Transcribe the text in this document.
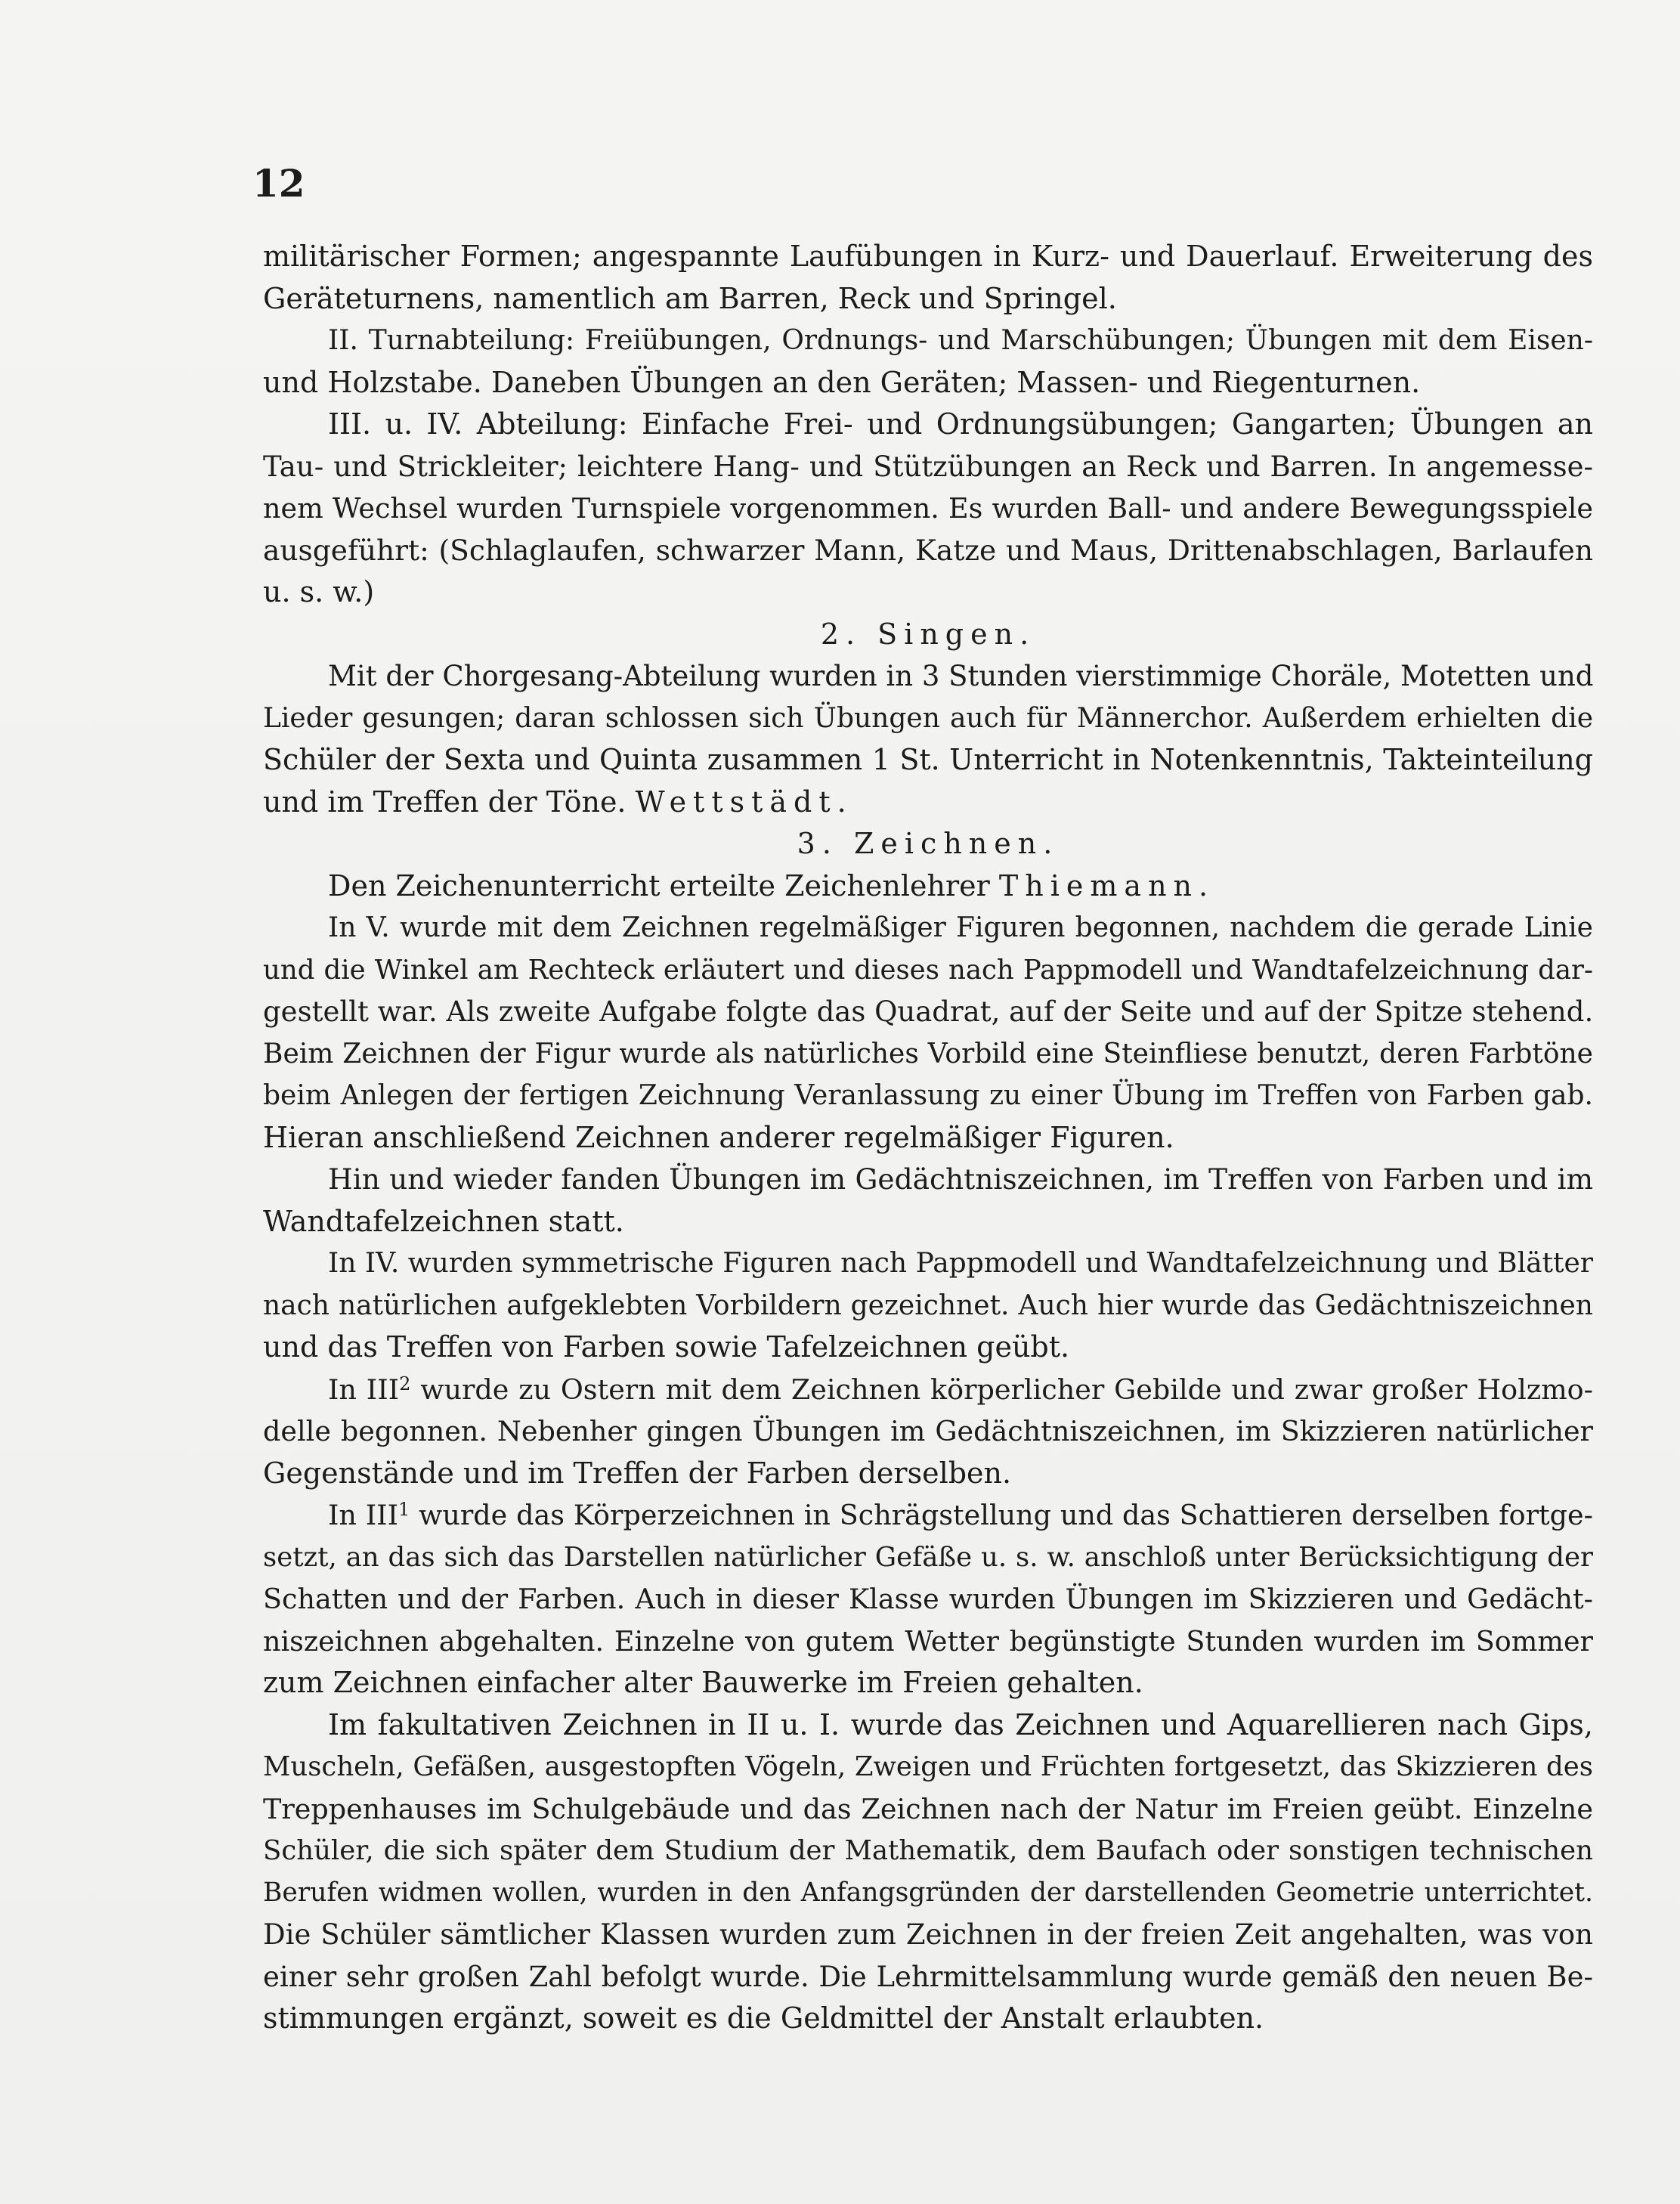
12
militärischer Formen; angespannte Laufübungen in Kurz- und Dauerlauf. Erweiterung des
Geräteturnens, namentlich am Barren, Reck und Springel.
II. Turnabteilung: Freiübungen, Ordnungs- und Marschübungen; Übungen mit dem Eisen-
und Holzstabe. Daneben Übungen an den Geräten; Massen- und Riegenturnen.
III. u. IV. Abteilung: Einfache Frei- und Ordnungsübungen; Gangarten; Übungen an
Tau- und Strickleiter; leichtere Hang- und Stützübungen an Reck und Barren. In angemesse-
nem Wechsel wurden Turnspiele vorgenommen. Es wurden Ball- und andere Bewegungsspiele
ausgeführt: (Schlaglaufen, schwarzer Mann, Katze und Maus, Drittenabschlagen, Barlaufen
u. s. w.)
2. Singen.
Mit der Chorgesang-Abteilung wurden in 3 Stunden vierstimmige Choräle, Motetten und
Lieder gesungen; daran schlossen sich Übungen auch für Männerchor. Außerdem erhielten die
Schüler der Sexta und Quinta zusammen 1 St. Unterricht in Notenkenntnis, Takteinteilung
und im Treffen der Töne. Wettstädt.
3. Zeichnen.
Den Zeichenunterricht erteilte Zeichenlehrer Thiemann.
In V. wurde mit dem Zeichnen regelmäßiger Figuren begonnen, nachdem die gerade Linie
und die Winkel am Rechteck erläutert und dieses nach Pappmodell und Wandtafelzeichnung dar-
gestellt war. Als zweite Aufgabe folgte das Quadrat, auf der Seite und auf der Spitze stehend.
Beim Zeichnen der Figur wurde als natürliches Vorbild eine Steinfliese benutzt, deren Farbtöne
beim Anlegen der fertigen Zeichnung Veranlassung zu einer Übung im Treffen von Farben gab.
Hieran anschließend Zeichnen anderer regelmäßiger Figuren.
Hin und wieder fanden Übungen im Gedächtniszeichnen, im Treffen von Farben und im
Wandtafelzeichnen statt.
In IV. wurden symmetrische Figuren nach Pappmodell und Wandtafelzeichnung und Blätter
nach natürlichen aufgeklebten Vorbildern gezeichnet. Auch hier wurde das Gedächtniszeichnen
und das Treffen von Farben sowie Tafelzeichnen geübt.
In III$^2$ wurde zu Ostern mit dem Zeichnen körperlicher Gebilde und zwar großer Holzmo-
delle begonnen. Nebenher gingen Übungen im Gedächtniszeichnen, im Skizzieren natürlicher
Gegenstände und im Treffen der Farben derselben.
In III$^1$ wurde das Körperzeichnen in Schrägstellung und das Schattieren derselben fortge-
setzt, an das sich das Darstellen natürlicher Gefäße u. s. w. anschloß unter Berücksichtigung der
Schatten und der Farben. Auch in dieser Klasse wurden Übungen im Skizzieren und Gedächt-
niszeichnen abgehalten. Einzelne von gutem Wetter begünstigte Stunden wurden im Sommer
zum Zeichnen einfacher alter Bauwerke im Freien gehalten.
Im fakultativen Zeichnen in II u. I. wurde das Zeichnen und Aquarellieren nach Gips,
Muscheln, Gefäßen, ausgestopften Vögeln, Zweigen und Früchten fortgesetzt, das Skizzieren des
Treppenhauses im Schulgebäude und das Zeichnen nach der Natur im Freien geübt. Einzelne
Schüler, die sich später dem Studium der Mathematik, dem Baufach oder sonstigen technischen
Berufen widmen wollen, wurden in den Anfangsgründen der darstellenden Geometrie unterrichtet.
Die Schüler sämtlicher Klassen wurden zum Zeichnen in der freien Zeit angehalten, was von
einer sehr großen Zahl befolgt wurde. Die Lehrmittelsammlung wurde gemäß den neuen Be-
stimmungen ergänzt, soweit es die Geldmittel der Anstalt erlaubten.
